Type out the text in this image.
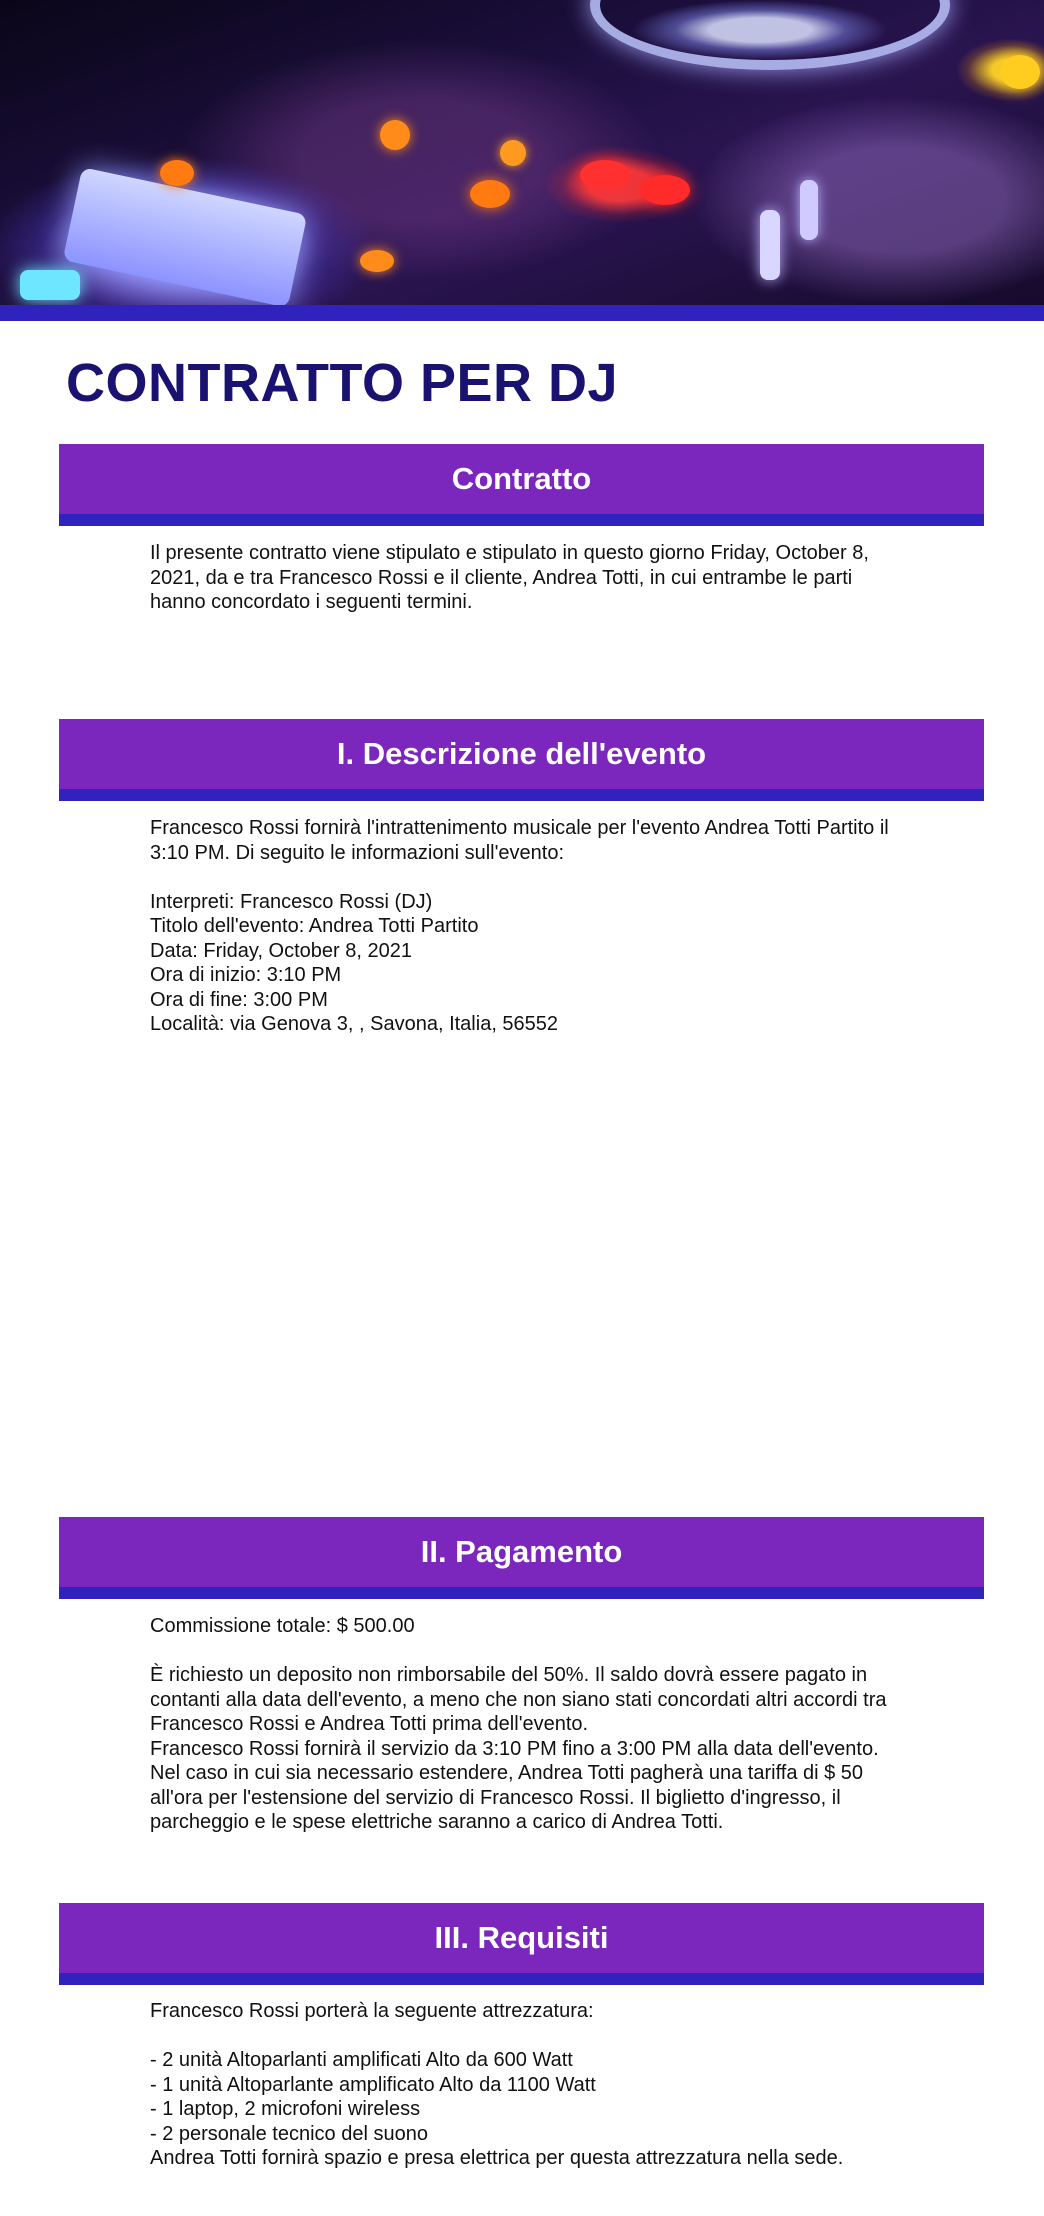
CONTRATTO PER DJ
Contratto

Il presente contratto viene stipulato e stipulato in questo giorno Friday, October 8, 2021, da e tra Francesco Rossi e il cliente, Andrea Totti, in cui entrambe le parti hanno concordato i seguenti termini.

I. Descrizione dell'evento

Francesco Rossi fornirà l'intrattenimento musicale per l'evento Andrea Totti Partito il 3:10 PM. Di seguito le informazioni sull'evento:

Interpreti: Francesco Rossi (DJ)

Titolo dell'evento: Andrea Totti Partito

Data: Friday, October 8, 2021

Ora di inizio: 3:10 PM

Ora di fine: 3:00 PM

Località: via Genova 3, , Savona, Italia, 56552

II. Pagamento

Commissione totale: $ 500.00

È richiesto un deposito non rimborsabile del 50%. Il saldo dovrà essere pagato in contanti alla data dell'evento, a meno che non siano stati concordati altri accordi tra Francesco Rossi e Andrea Totti prima dell'evento.

Francesco Rossi fornirà il servizio da 3:10 PM fino a 3:00 PM alla data dell'evento. Nel caso in cui sia necessario estendere, Andrea Totti pagherà una tariffa di $ 50 all'ora per l'estensione del servizio di Francesco Rossi. Il biglietto d'ingresso, il parcheggio e le spese elettriche saranno a carico di Andrea Totti.

III. Requisiti

Francesco Rossi porterà la seguente attrezzatura:

- 2 unità Altoparlanti amplificati Alto da 600 Watt

- 1 unità Altoparlante amplificato Alto da 1100 Watt

- 1 laptop, 2 microfoni wireless

- 2 personale tecnico del suono

Andrea Totti fornirà spazio e presa elettrica per questa attrezzatura nella sede.
